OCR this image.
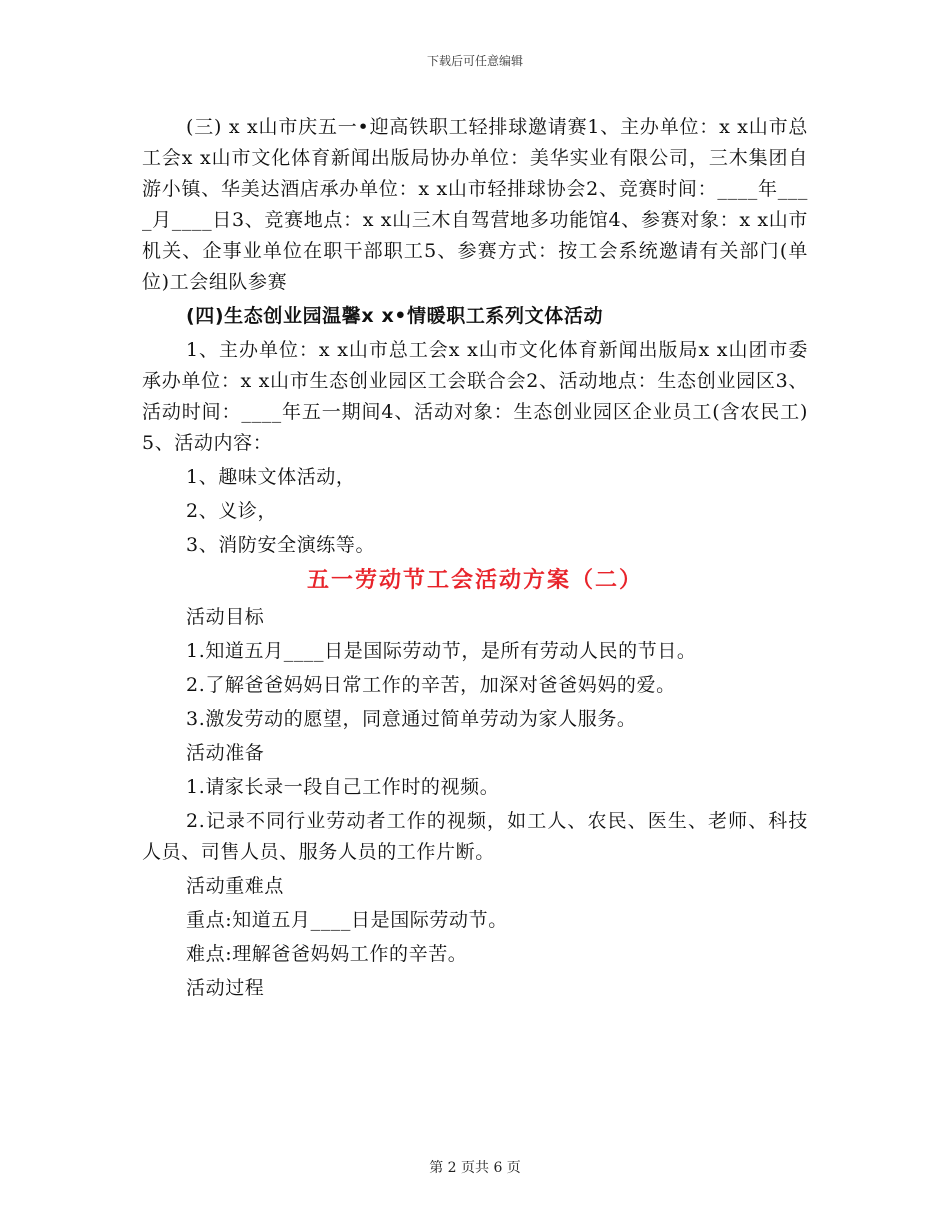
下载后可任意编辑

(三) x x山市庆五一•迎高铁职工轻排球邀请赛1、主办单位：x x山市总工会x x山市文化体育新闻出版局协办单位：美华实业有限公司，三木集团自游小镇、华美达酒店承办单位：x x山市轻排球协会2、竞赛时间：____年____月____日3、竞赛地点：x x山三木自驾营地多功能馆4、参赛对象：x x山市机关、企事业单位在职干部职工5、参赛方式：按工会系统邀请有关部门(单位)工会组队参赛

(四)生态创业园温馨x x•情暖职工系列文体活动

1、主办单位：x x山市总工会x x山市文化体育新闻出版局x x山团市委承办单位：x x山市生态创业园区工会联合会2、活动地点：生态创业园区3、活动时间：____年五一期间4、活动对象：生态创业园区企业员工(含农民工)5、活动内容：

1、趣味文体活动，

2、义诊，

3、消防安全演练等。

五一劳动节工会活动方案（二）

活动目标

1.知道五月____日是国际劳动节，是所有劳动人民的节日。

2.了解爸爸妈妈日常工作的辛苦，加深对爸爸妈妈的爱。

3.激发劳动的愿望，同意通过简单劳动为家人服务。

活动准备

1.请家长录一段自己工作时的视频。

2.记录不同行业劳动者工作的视频，如工人、农民、医生、老师、科技人员、司售人员、服务人员的工作片断。

活动重难点

重点:知道五月____日是国际劳动节。

难点:理解爸爸妈妈工作的辛苦。

活动过程

第 2 页共 6 页
